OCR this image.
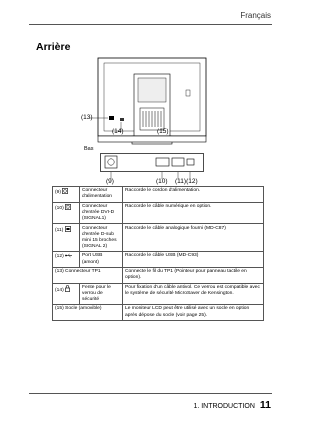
Français
Arrière
(13)
(14)	(15)
Bas
(9)	(10) (11)(12)
(9)	Connecteur d'alimentation	Raccorde le cordon d'alimentation.
(10) D	Connecteur d'entrée DVI-D (SIGNAL1)	Raccorde le câble numérique en option.
(11)	Connecteur d'entrée D-sub mini 15 broches (SIGNAL 2)	Raccorde le câble analogique fourni (MD-C87)
(12)	Port USB (amont)	Raccorde le câble USB (MD-C93)
(13) Connecteur TP1		Connecte le fil du TP1 (Pointeur pour panneau tactile en option).
(14)	Fente pour le verrou de sécurité	Pour fixation d'un câble antivol. Ce verrou est compatible avec le système de sécurité MicroSaver de Kensington.
(15) Socle (amovible)		Le moniteur LCD peut être utilisé avec un socle en option après dépose du socle (voir page 25).
1. INTRODUCTION 11
